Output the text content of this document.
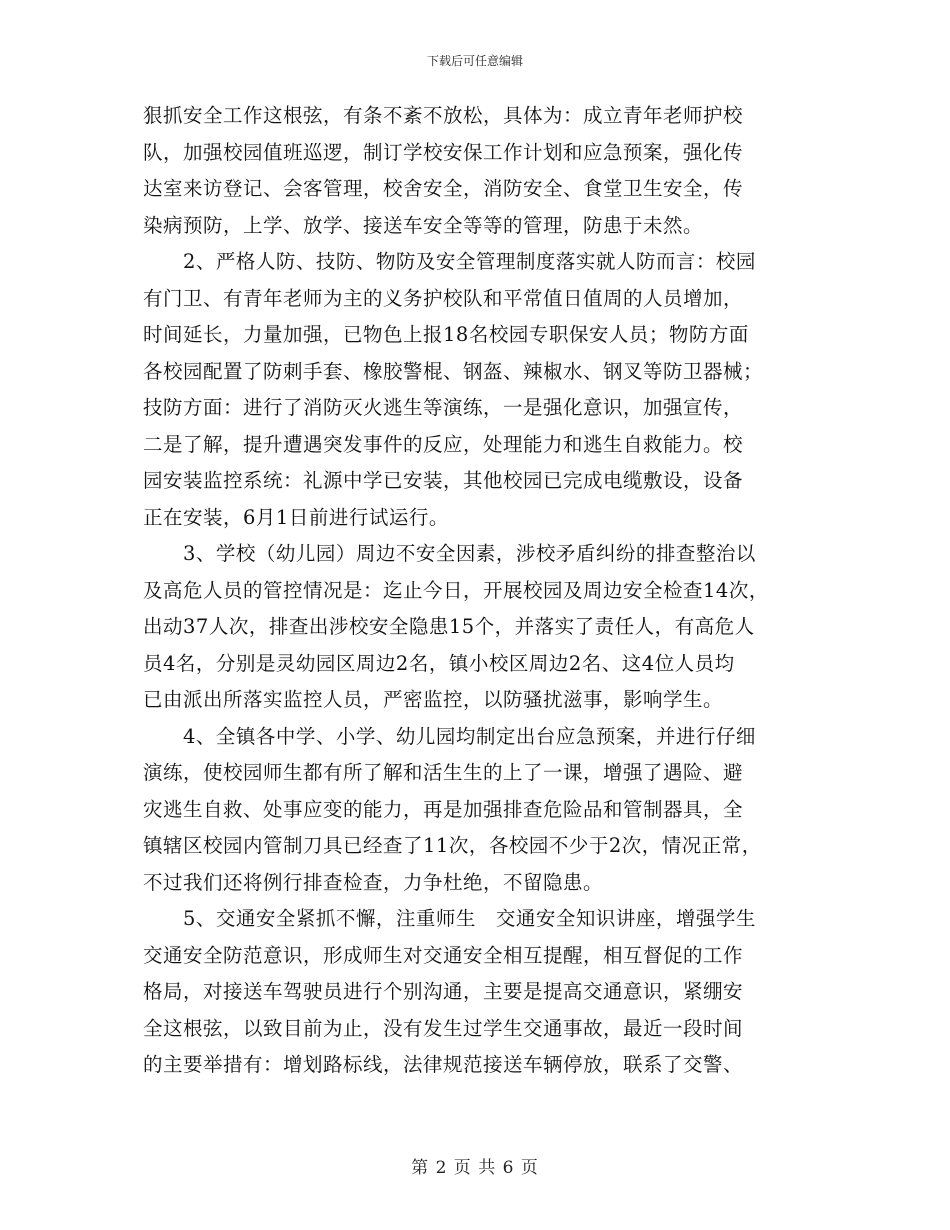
下载后可任意编辑
狠抓安全工作这根弦，有条不紊不放松，具体为：成立青年老师护校
队，加强校园值班巡逻，制订学校安保工作计划和应急预案，强化传
达室来访登记、会客管理，校舍安全，消防安全、食堂卫生安全，传
染病预防，上学、放学、接送车安全等等的管理，防患于未然。
2、严格人防、技防、物防及安全管理制度落实就人防而言：校园
有门卫、有青年老师为主的义务护校队和平常值日值周的人员增加，
时间延长，力量加强，已物色上报18名校园专职保安人员；物防方面
各校园配置了防刺手套、橡胶警棍、钢盔、辣椒水、钢叉等防卫器械；
技防方面：进行了消防灭火逃生等演练，一是强化意识，加强宣传，
二是了解，提升遭遇突发事件的反应，处理能力和逃生自救能力。校
园安装监控系统：礼源中学已安装，其他校园已完成电缆敷设，设备
正在安装，6月1日前进行试运行。
3、学校（幼儿园）周边不安全因素，涉校矛盾纠纷的排查整治以
及高危人员的管控情况是：迄止今日，开展校园及周边安全检查14次，
出动37人次，排查出涉校安全隐患15个，并落实了责任人，有高危人
员4名，分别是灵幼园区周边2名，镇小校区周边2名、这4位人员均
已由派出所落实监控人员，严密监控，以防骚扰滋事，影响学生。
4、全镇各中学、小学、幼儿园均制定出台应急预案，并进行仔细
演练，使校园师生都有所了解和活生生的上了一课，增强了遇险、避
灾逃生自救、处事应变的能力，再是加强排查危险品和管制器具，全
镇辖区校园内管制刀具已经查了11次，各校园不少于2次，情况正常，
不过我们还将例行排查检查，力争杜绝，不留隐患。
5、交通安全紧抓不懈，注重师生　交通安全知识讲座，增强学生
交通安全防范意识，形成师生对交通安全相互提醒，相互督促的工作
格局，对接送车驾驶员进行个别沟通，主要是提高交通意识，紧绷安
全这根弦，以致目前为止，没有发生过学生交通事故，最近一段时间
的主要举措有：增划路标线，法律规范接送车辆停放，联系了交警、
第 2 页 共 6 页
